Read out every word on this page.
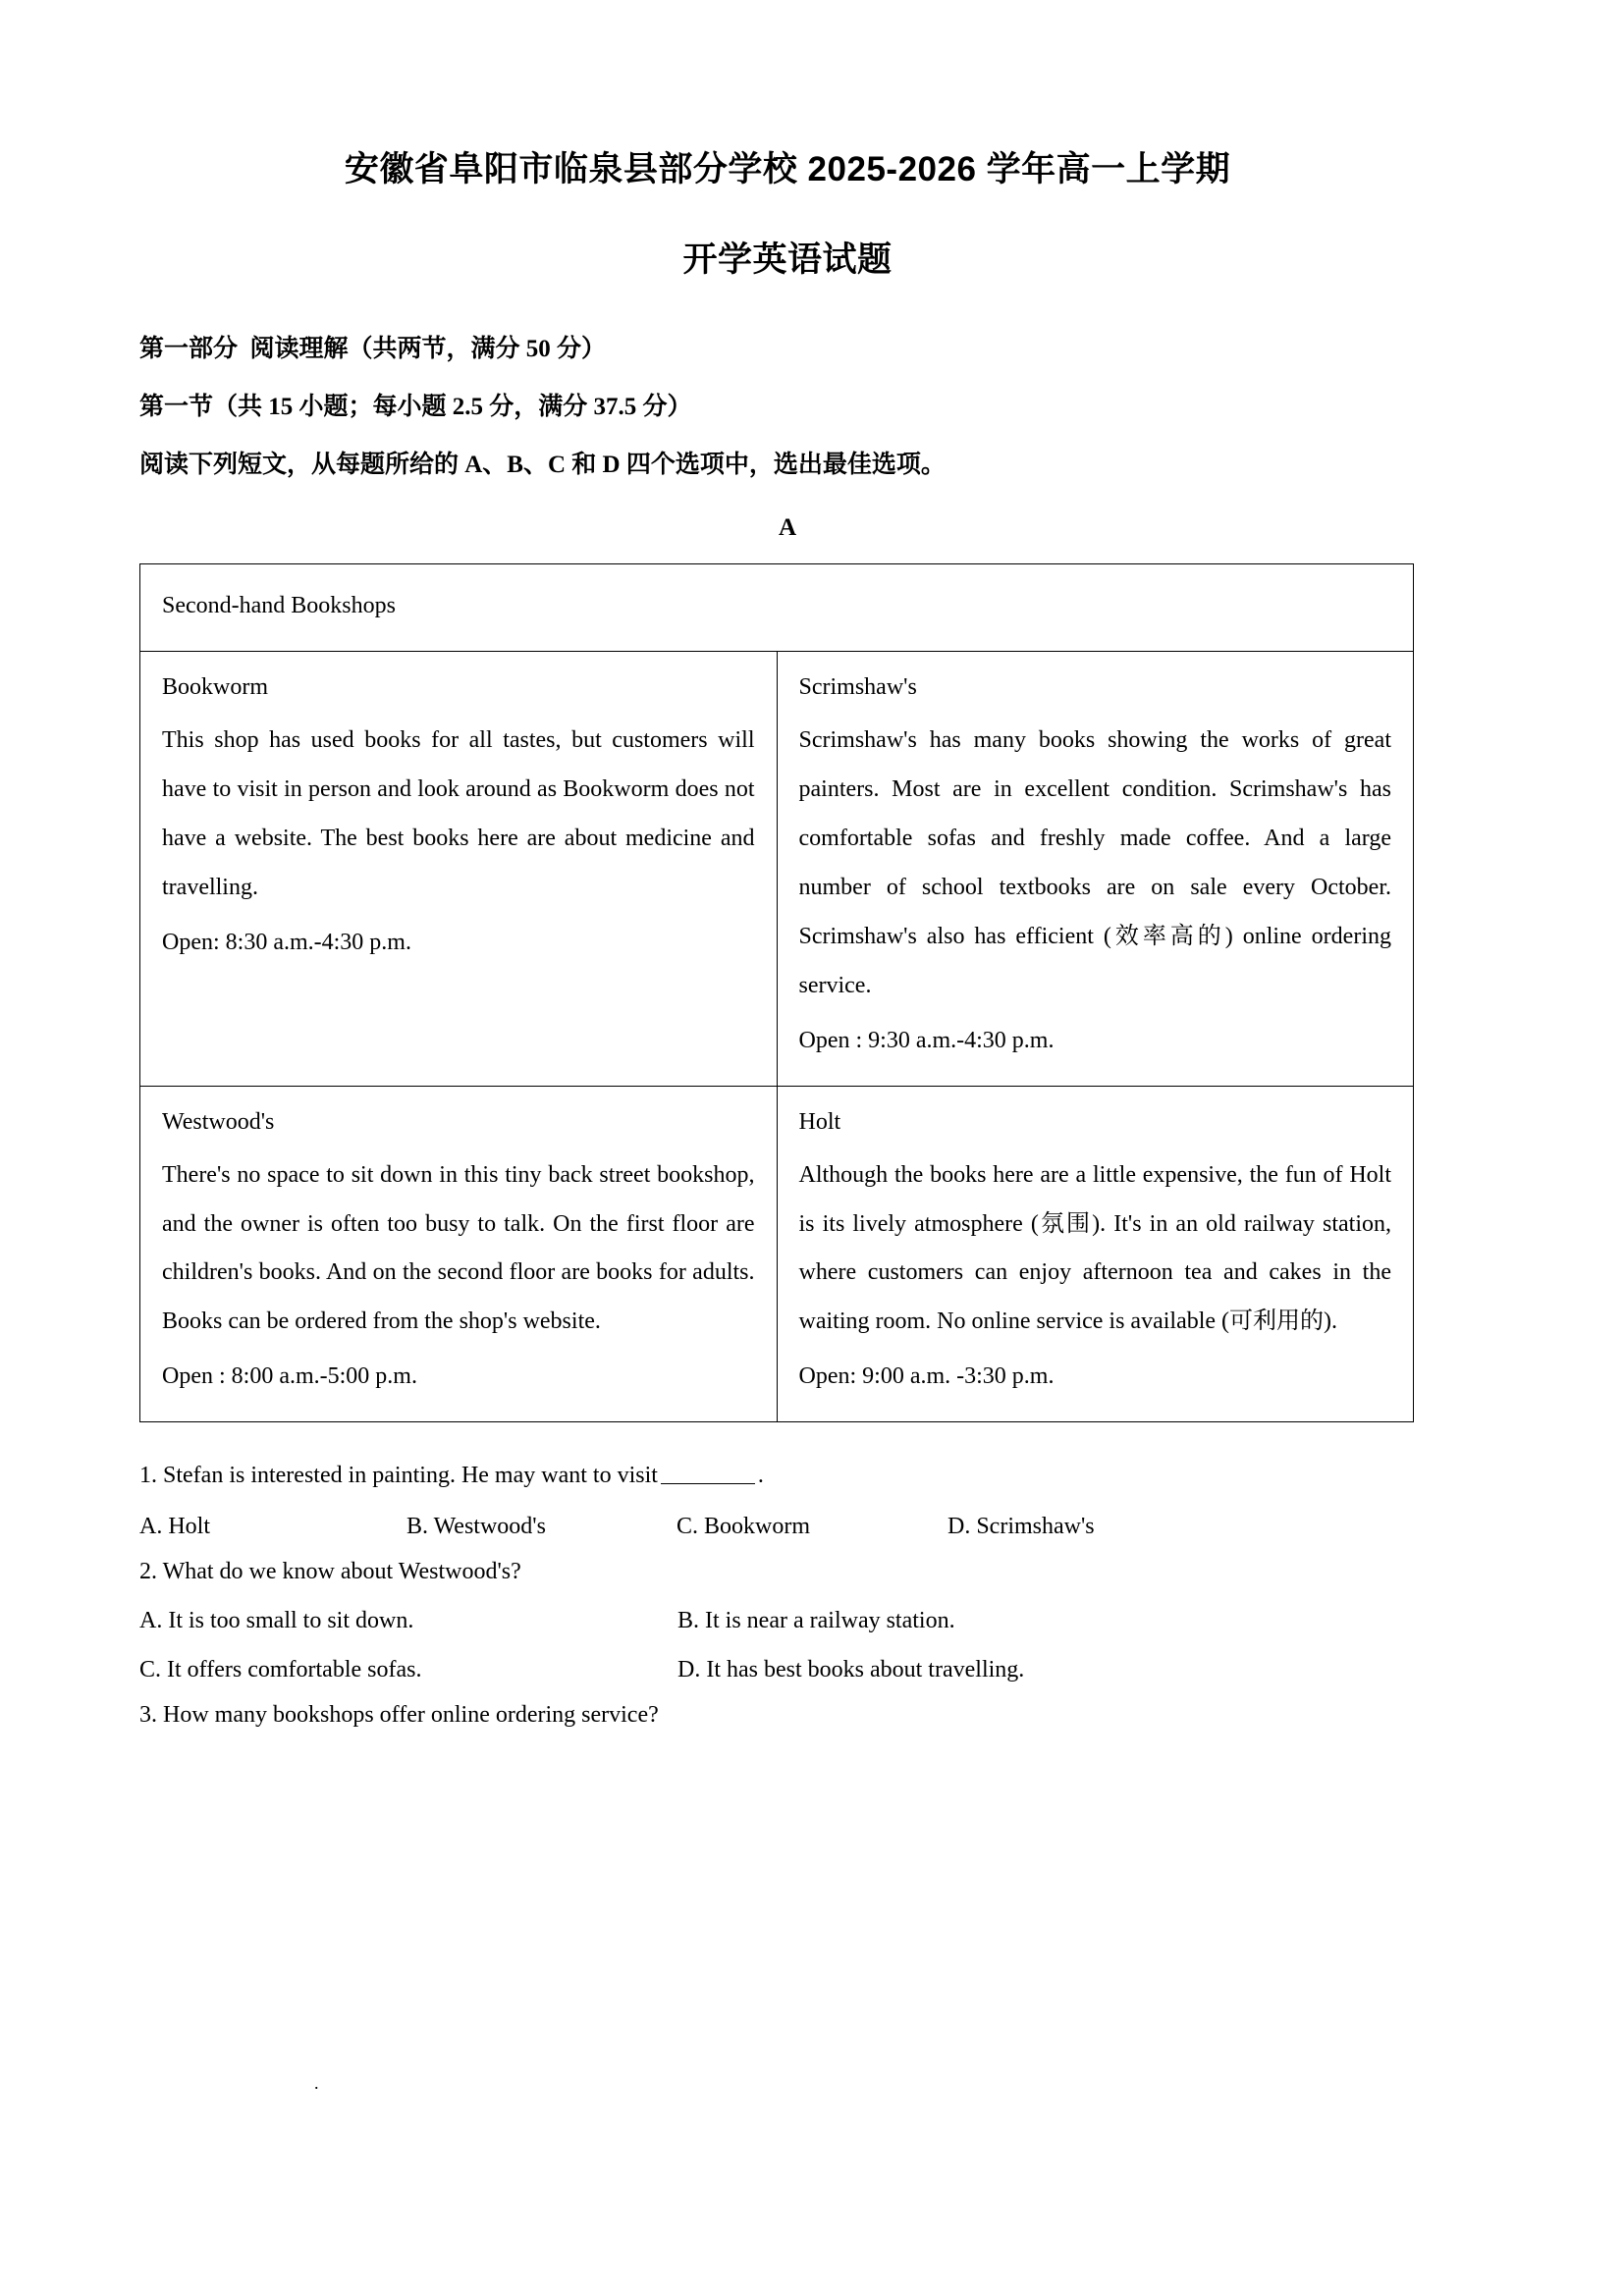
安徽省阜阳市临泉县部分学校 2025-2026 学年高一上学期
开学英语试题

第一部分  阅读理解（共两节，满分 50 分）

第一节（共 15 小题；每小题 2.5 分，满分 37.5 分）

阅读下列短文，从每题所给的 A、B、C 和 D 四个选项中，选出最佳选项。

A

Second-hand Bookshops	

Bookworm
This shop has used books for all tastes, but customers will have to visit in person and look around as Bookworm does not have a website. The best books here are about medicine and travelling.
Open: 8:30 a.m.-4:30 p.m.

Scrimshaw's
Scrimshaw's has many books showing the works of great painters. Most are in excellent condition. Scrimshaw's has comfortable sofas and freshly made coffee. And a large number of school textbooks are on sale every October. Scrimshaw's also has efficient (效率高的) online ordering service.
Open : 9:30 a.m.-4:30 p.m.

Westwood's
There's no space to sit down in this tiny back street bookshop, and the owner is often too busy to talk. On the first floor are children's books. And on the second floor are books for adults. Books can be ordered from the shop's website.
Open : 8:00 a.m.-5:00 p.m.

Holt
Although the books here are a little expensive, the fun of Holt is its lively atmosphere (氛围). It's in an old railway station, where customers can enjoy afternoon tea and cakes in the waiting room. No online service is available (可利用的).
Open: 9:00 a.m. -3:30 p.m.

1. Stefan is interested in painting. He may want to visit	.

A. Holt	B. Westwood's	C. Bookworm	D. Scrimshaw's

2. What do we know about Westwood's?

A. It is too small to sit down.	B. It is near a railway station.
C. It offers comfortable sofas.	D. It has best books about travelling.

3. How many bookshops offer online ordering service?

.
